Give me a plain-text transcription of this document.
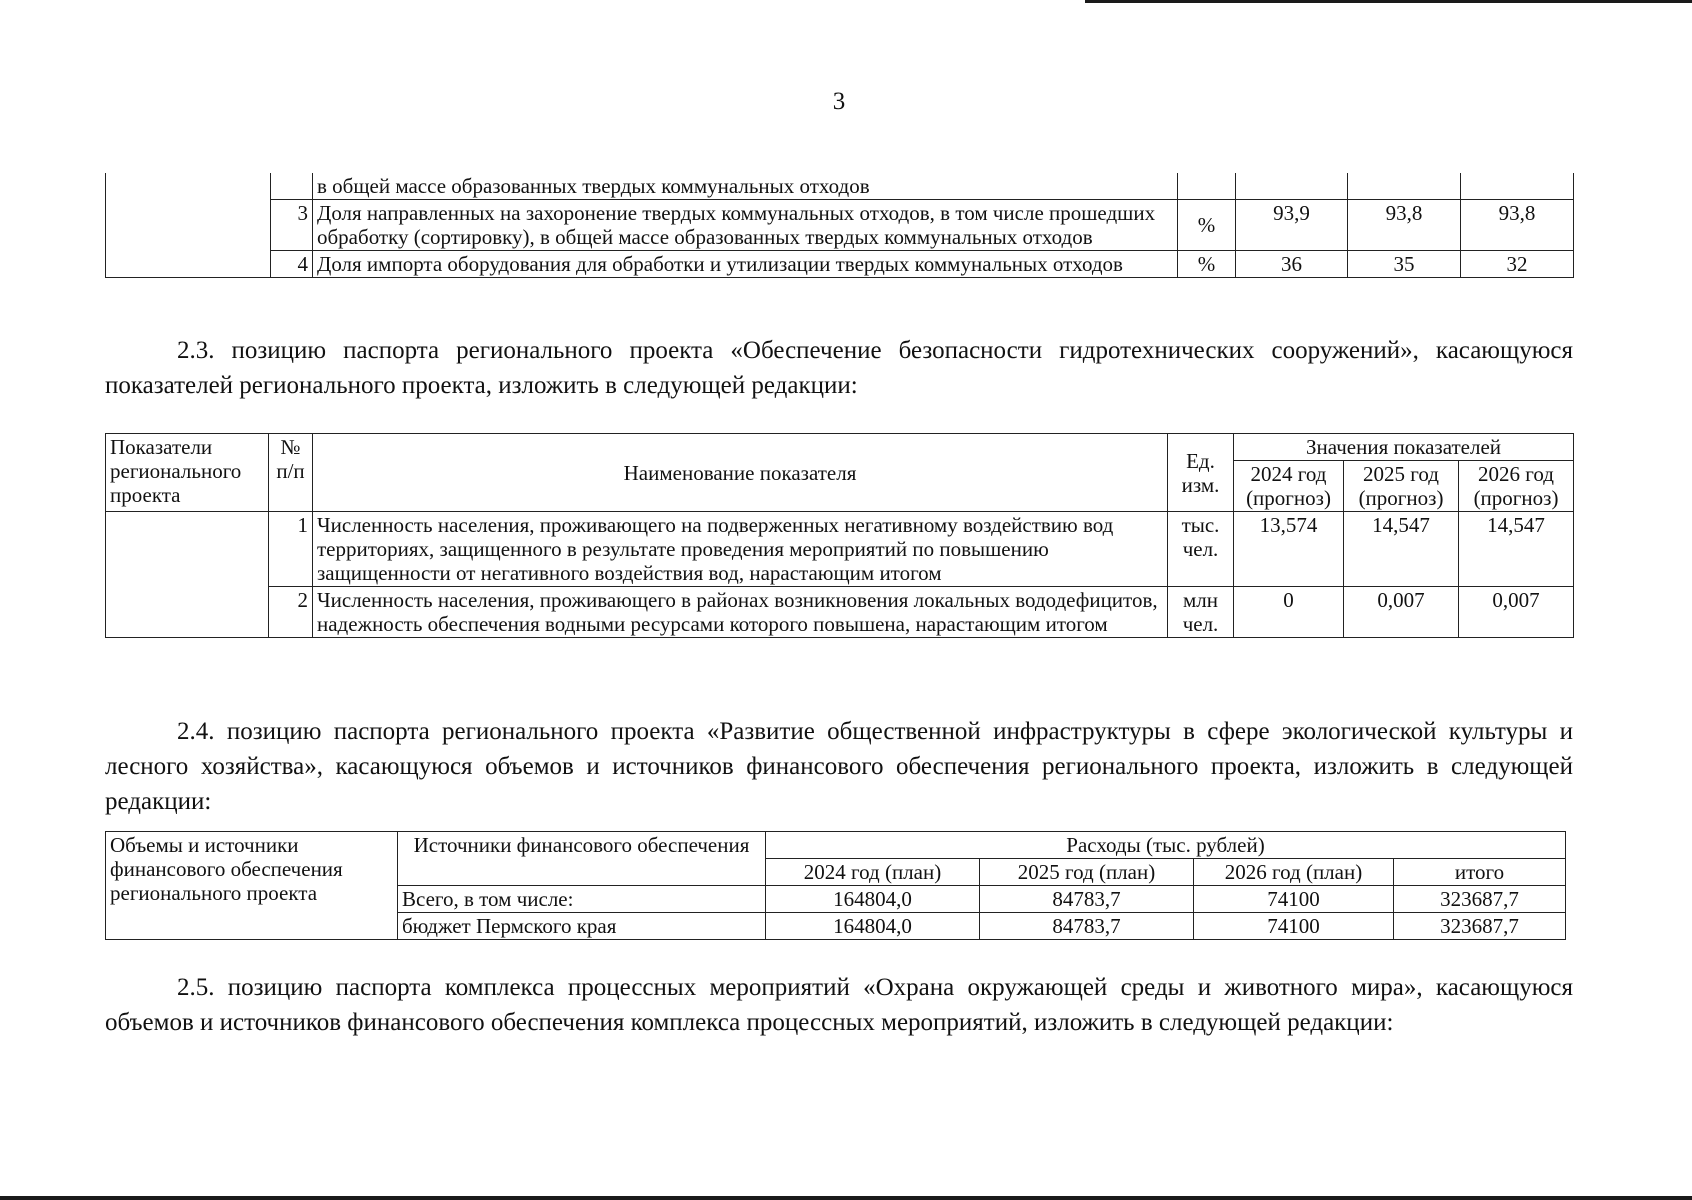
3
		в общей массе образованных твердых коммунальных отходов				
	3	Доля направленных на захоронение твердых коммунальных отходов, в том числе прошедших обработку (сортировку), в общей массе образованных твердых коммунальных отходов	%	93,9	93,8	93,8
	4	Доля импорта оборудования для обработки и утилизации твердых коммунальных отходов	%	36	35	32

2.3. позицию паспорта регионального проекта «Обеспечение безопасности гидротехнических сооружений», касающуюся показателей регионального проекта, изложить в следующей редакции:

Показатели регионального проекта	№ п/п	Наименование показателя	Ед. изм.	Значения показателей		
				2024 год (прогноз)	2025 год (прогноз)	2026 год (прогноз)
	1	Численность населения, проживающего на подверженных негативному воздействию вод территориях, защищенного в результате проведения мероприятий по повышению защищенности от негативного воздействия вод, нарастающим итогом	тыс. чел.	13,574	14,547	14,547
	2	Численность населения, проживающего в районах возникновения локальных вододефицитов, надежность обеспечения водными ресурсами которого повышена, нарастающим итогом	млн чел.	0	0,007	0,007

2.4. позицию паспорта регионального проекта «Развитие общественной инфраструктуры в сфере экологической культуры и лесного хозяйства», касающуюся объемов и источников финансового обеспечения регионального проекта, изложить в следующей редакции:

Объемы и источники финансового обеспечения регионального проекта	Источники финансового обеспечения	Расходы (тыс. рублей)			
		2024 год (план)	2025 год (план)	2026 год (план)	итого
	Всего, в том числе:	164804,0	84783,7	74100	323687,7
	бюджет Пермского края	164804,0	84783,7	74100	323687,7

2.5. позицию паспорта комплекса процессных мероприятий «Охрана окружающей среды и животного мира», касающуюся объемов и источников финансового обеспечения комплекса процессных мероприятий, изложить в следующей редакции:
